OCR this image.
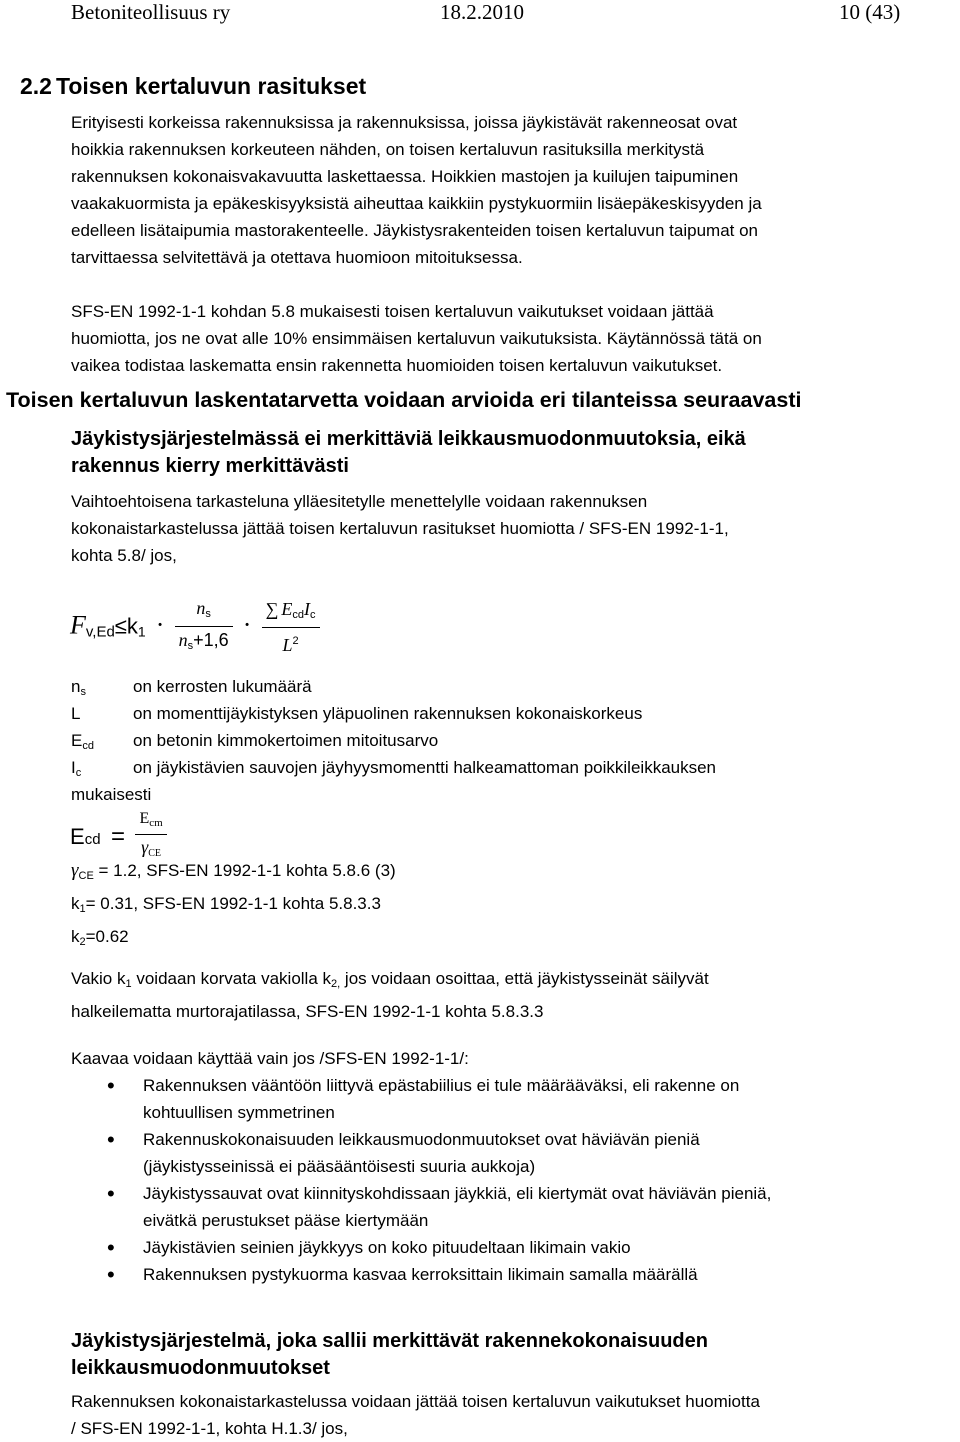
Betoniteollisuus ry	18.2.2010	10 (43)
2.2 Toisen kertaluvun rasitukset
Erityisesti korkeissa rakennuksissa ja rakennuksissa, joissa jäykistävät rakenneosat ovat
hoikkia rakennuksen korkeuteen nähden, on toisen kertaluvun rasituksilla merkitystä
rakennuksen kokonaisvakavuutta laskettaessa. Hoikkien mastojen ja kuilujen taipuminen
vaakakuormista ja epäkeskisyyksistä aiheuttaa kaikkiin pystykuormiin lisäepäkeskisyyden ja
edelleen lisätaipumia mastorakenteelle. Jäykistysrakenteiden toisen kertaluvun taipumat on
tarvittaessa selvitettävä ja otettava huomioon mitoituksessa.
SFS-EN 1992-1-1 kohdan 5.8 mukaisesti toisen kertaluvun vaikutukset voidaan jättää
huomiotta, jos ne ovat alle 10% ensimmäisen kertaluvun vaikutuksista. Käytännössä tätä on
vaikea todistaa laskematta ensin rakennetta huomioiden toisen kertaluvun vaikutukset.
Toisen kertaluvun laskentatarvetta voidaan arvioida eri tilanteissa seuraavasti
Jäykistysjärjestelmässä ei merkittäviä leikkausmuodonmuutoksia, eikä
rakennus kierry merkittävästi
Vaihtoehtoisena tarkasteluna ylläesitetylle menettelylle voidaan rakennuksen
kokonaistarkastelussa jättää toisen kertaluvun rasitukset huomiotta / SFS-EN 1992-1-1,
kohta 5.8/ jos,
$F_{v,Ed}\le k_1 \cdot \frac{n_s}{n_s+1,6} \cdot \frac{\sum E_{cd}I_c}{L^2}$
$n_s$	on kerrosten lukumäärä
L	on momenttijäykistyksen yläpuolinen rakennuksen kokonaiskorkeus
$E_{cd}$ on betonin kimmokertoimen mitoitusarvo
$I_c$	on jäykistävien sauvojen jäyhyysmomentti halkeamattoman poikkileikkauksen
mukaisesti
$E_{cd} = \frac{E_{cm}}{\gamma_{CE}}$
$\gamma_{CE} = 1.2$, SFS-EN 1992-1-1 kohta 5.8.6 (3)
$k_1= 0.31$, SFS-EN 1992-1-1 kohta 5.8.3.3
$k_2=0.62$
Vakio $k_1$ voidaan korvata vakiolla $k_{2,}$ jos voidaan osoittaa, että jäykistysseinät säilyvät
halkeilematta murtorajatilassa, SFS-EN 1992-1-1 kohta 5.8.3.3
Kaavaa voidaan käyttää vain jos /SFS-EN 1992-1-1/:
• Rakennuksen vääntöön liittyvä epästabiilius ei tule määrääväksi, eli rakenne on
kohtuullisen symmetrinen
• Rakennuskokonaisuuden leikkausmuodonmuutokset ovat häviävän pieniä
(jäykistysseinissä ei pääsääntöisesti suuria aukkoja)
• Jäykistyssauvat ovat kiinnityskohdissaan jäykkiä, eli kiertymät ovat häviävän pieniä,
eivätkä perustukset pääse kiertymään
• Jäykistävien seinien jäykkyys on koko pituudeltaan likimain vakio
• Rakennuksen pystykuorma kasvaa kerroksittain likimain samalla määrällä
Jäykistysjärjestelmä, joka sallii merkittävät rakennekokonaisuuden
leikkausmuodonmuutokset
Rakennuksen kokonaistarkastelussa voidaan jättää toisen kertaluvun vaikutukset huomiotta
/ SFS-EN 1992-1-1, kohta H.1.3/ jos,
